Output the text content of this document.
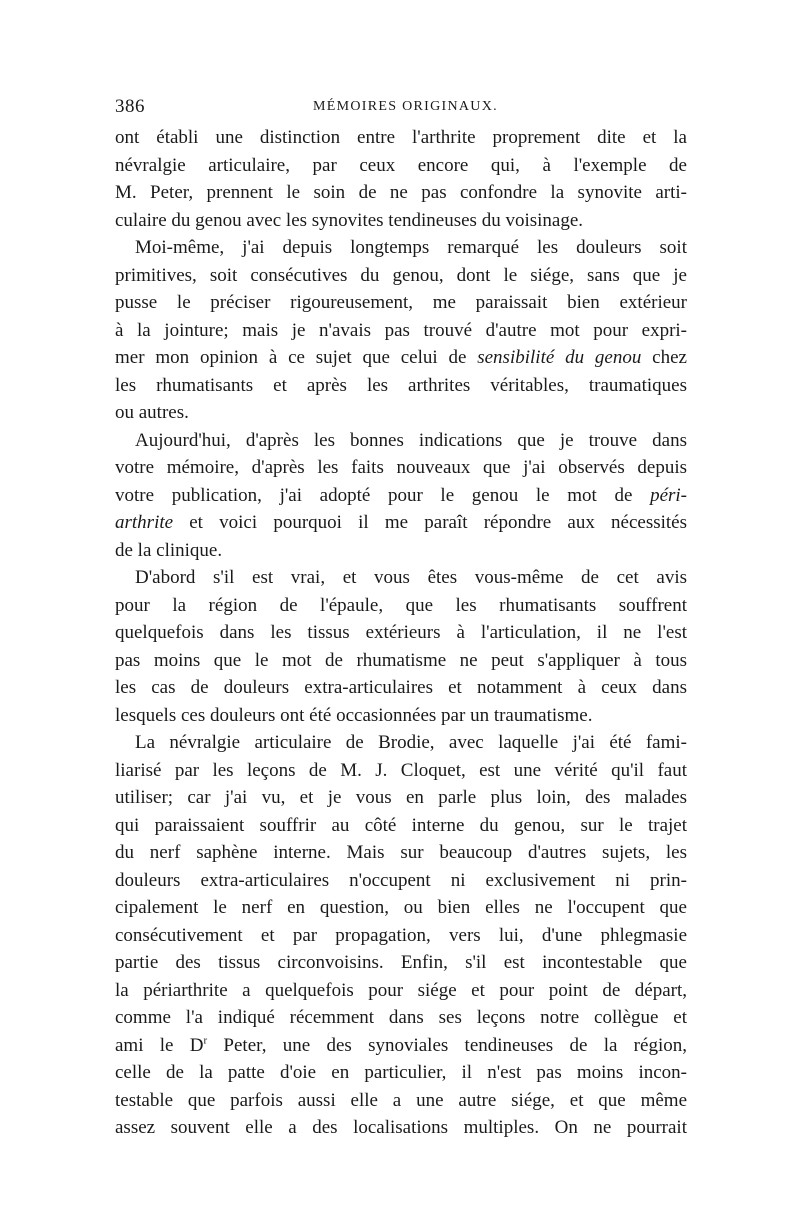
386	MÉMOIRES ORIGINAUX.
ont établi une distinction entre l'arthrite proprement dite et la
névralgie articulaire, par ceux encore qui, à l'exemple de
M. Peter, prennent le soin de ne pas confondre la synovite arti-
culaire du genou avec les synovites tendineuses du voisinage.
Moi-même, j'ai depuis longtemps remarqué les douleurs soit
primitives, soit consécutives du genou, dont le siége, sans que je
pusse le préciser rigoureusement, me paraissait bien extérieur
à la jointure; mais je n'avais pas trouvé d'autre mot pour expri-
mer mon opinion à ce sujet que celui de sensibilité du genou chez
les rhumatisants et après les arthrites véritables, traumatiques
ou autres.
Aujourd'hui, d'après les bonnes indications que je trouve dans
votre mémoire, d'après les faits nouveaux que j'ai observés depuis
votre publication, j'ai adopté pour le genou le mot de péri-
arthrite et voici pourquoi il me paraît répondre aux nécessités
de la clinique.
D'abord s'il est vrai, et vous êtes vous-même de cet avis
pour la région de l'épaule, que les rhumatisants souffrent
quelquefois dans les tissus extérieurs à l'articulation, il ne l'est
pas moins que le mot de rhumatisme ne peut s'appliquer à tous
les cas de douleurs extra-articulaires et notamment à ceux dans
lesquels ces douleurs ont été occasionnées par un traumatisme.
La névralgie articulaire de Brodie, avec laquelle j'ai été fami-
liarisé par les leçons de M. J. Cloquet, est une vérité qu'il faut
utiliser; car j'ai vu, et je vous en parle plus loin, des malades
qui paraissaient souffrir au côté interne du genou, sur le trajet
du nerf saphène interne. Mais sur beaucoup d'autres sujets, les
douleurs extra-articulaires n'occupent ni exclusivement ni prin-
cipalement le nerf en question, ou bien elles ne l'occupent que
consécutivement et par propagation, vers lui, d'une phlegmasie
partie des tissus circonvoisins. Enfin, s'il est incontestable que
la périarthrite a quelquefois pour siége et pour point de départ,
comme l'a indiqué récemment dans ses leçons notre collègue et
ami le $D^r$ Peter, une des synoviales tendineuses de la région,
celle de la patte d'oie en particulier, il n'est pas moins incon-
testable que parfois aussi elle a une autre siége, et que même
assez souvent elle a des localisations multiples. On ne pourrait
